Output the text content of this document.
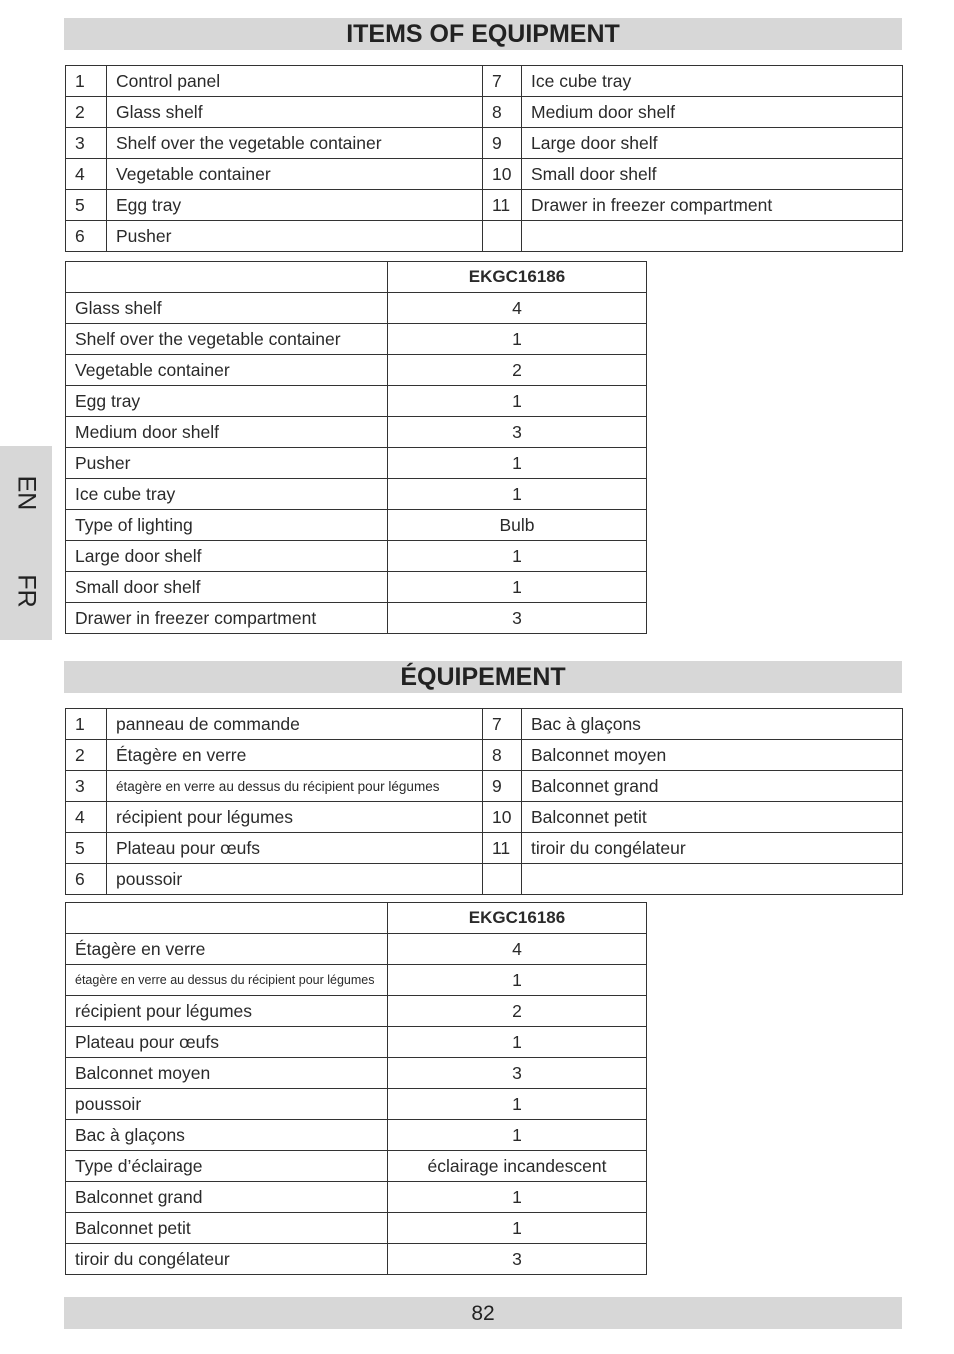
EN
FR
ITEMS OF EQUIPMENT
1	Control panel	7	Ice cube tray
2	Glass shelf	8	Medium door shelf
3	Shelf over the vegetable container	9	Large door shelf
4	Vegetable container	10	Small door shelf
5	Egg tray	11	Drawer in freezer compartment
6	Pusher		
	EKGC16186
Glass shelf	4
Shelf over the vegetable container	1
Vegetable container	2
Egg tray	1
Medium door shelf	3
Pusher	1
Ice cube tray	1
Type of lighting	Bulb
Large door shelf	1
Small door shelf	1
Drawer in freezer compartment	3
ÉQUIPEMENT
1	panneau de commande	7	Bac à glaçons
2	Étagère en verre	8	Balconnet moyen
3	étagère en verre au dessus du récipient pour légumes	9	Balconnet grand
4	récipient pour légumes	10	Balconnet petit
5	Plateau pour œufs	11	tiroir du congélateur
6	poussoir		
	EKGC16186
Étagère en verre	4
étagère en verre au dessus du récipient pour légumes	1
récipient pour légumes	2
Plateau pour œufs	1
Balconnet moyen	3
poussoir	1
Bac à glaçons	1
Type d’éclairage	éclairage incandescent
Balconnet grand	1
Balconnet petit	1
tiroir du congélateur	3
82
